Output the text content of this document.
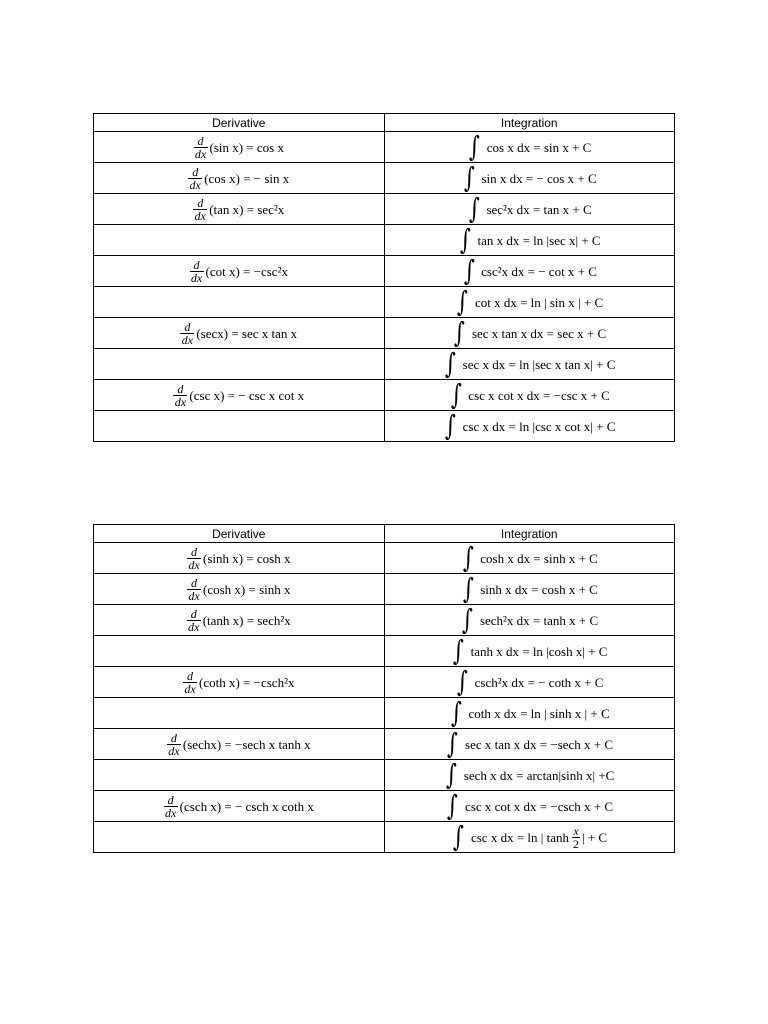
Derivative	Integration

$\frac{d}{dx} (\sin$ x) = cos x	∫ cos x dx = sin x + C

$\frac{d}{dx} (\cos$ x) = − sin x	∫ sin x dx = − cos x + C

$\frac{d}{dx} (\tan$ x) = sec²x	∫ sec²x dx = tan x + C

	∫ tan x dx = ln |sec x| + C

$\frac{d}{dx} (\cot$ x) = −csc²x	∫ csc²x dx = − cot x + C

	∫ cot x dx = ln | sin x | + C

$\frac{d}{dx} (\sec x) = \sec x$ tan x	∫ sec x tan x dx = sec x + C

	∫ sec x dx = ln |sec x tan x| + C

$\frac{d}{dx} (\csc$ x) = − csc x cot x	∫ csc x cot x dx = −csc x + C

	∫ csc x dx = ln |csc x cot x| + C
Derivative	Integration

$\frac{d}{dx} (\sinh$ x) = cosh x	∫ cosh x dx = sinh x + C

$\frac{d}{dx} (\cosh$ x) = sinh x	∫ sinh x dx = cosh x + C

$\frac{d}{dx} (\tanh$ x) = sech²x	∫ sech²x dx = tanh x + C

	∫ tanh x dx = ln |cosh x| + C

$\frac{d}{dx} (\cot h$ x) = −csch²x	∫ csch²x dx = − coth x + C

	∫ coth x dx = ln | sinh x | + C

$\frac{d}{dx}$ (sechx) = −sech x tanh x	∫ sec x tan x dx = −sech x + C

	∫ sech x dx = arctan|sinh x| +C

$\frac{d}{dx} (\csc h$ x) = − csch x coth x	∫ csc x cot x dx = −csch x + C

	∫ csc x dx = ln | $\tanh \frac{x}{2}$ | + C
